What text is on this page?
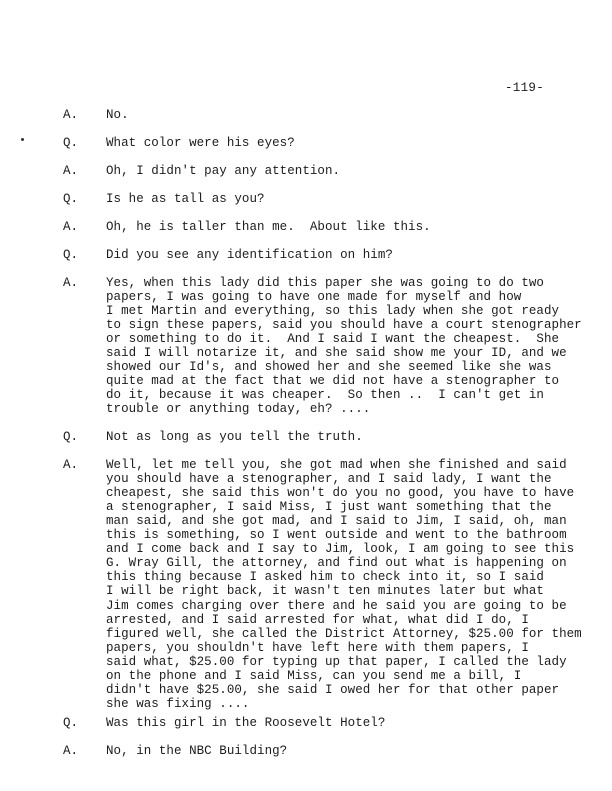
-119-
A. No.
Q. What color were his eyes?
A. Oh, I didn't pay any attention.
Q. Is he as tall as you?
A. Oh, he is taller than me.  About like this.
Q. Did you see any identification on him?
A. Yes, when this lady did this paper she was going to do two
papers, I was going to have one made for myself and how
I met Martin and everything, so this lady when she got ready
to sign these papers, said you should have a court stenographer
or something to do it.  And I said I want the cheapest.  She
said I will notarize it, and she said show me your ID, and we
showed our Id's, and showed her and she seemed like she was
quite mad at the fact that we did not have a stenographer to
do it, because it was cheaper.  So then ..  I can't get in
trouble or anything today, eh? ....
Q. Not as long as you tell the truth.
A. Well, let me tell you, she got mad when she finished and said
you should have a stenographer, and I said lady, I want the
cheapest, she said this won't do you no good, you have to have
a stenographer, I said Miss, I just want something that the
man said, and she got mad, and I said to Jim, I said, oh, man
this is something, so I went outside and went to the bathroom
and I come back and I say to Jim, look, I am going to see this
G. Wray Gill, the attorney, and find out what is happening on
this thing because I asked him to check into it, so I said
I will be right back, it wasn't ten minutes later but what
Jim comes charging over there and he said you are going to be
arrested, and I said arrested for what, what did I do, I
figured well, she called the District Attorney, $25.00 for them
papers, you shouldn't have left here with them papers, I
said what, $25.00 for typing up that paper, I called the lady
on the phone and I said Miss, can you send me a bill, I
didn't have $25.00, she said I owed her for that other paper
she was fixing ....
Q. Was this girl in the Roosevelt Hotel?
A. No, in the NBC Building?
